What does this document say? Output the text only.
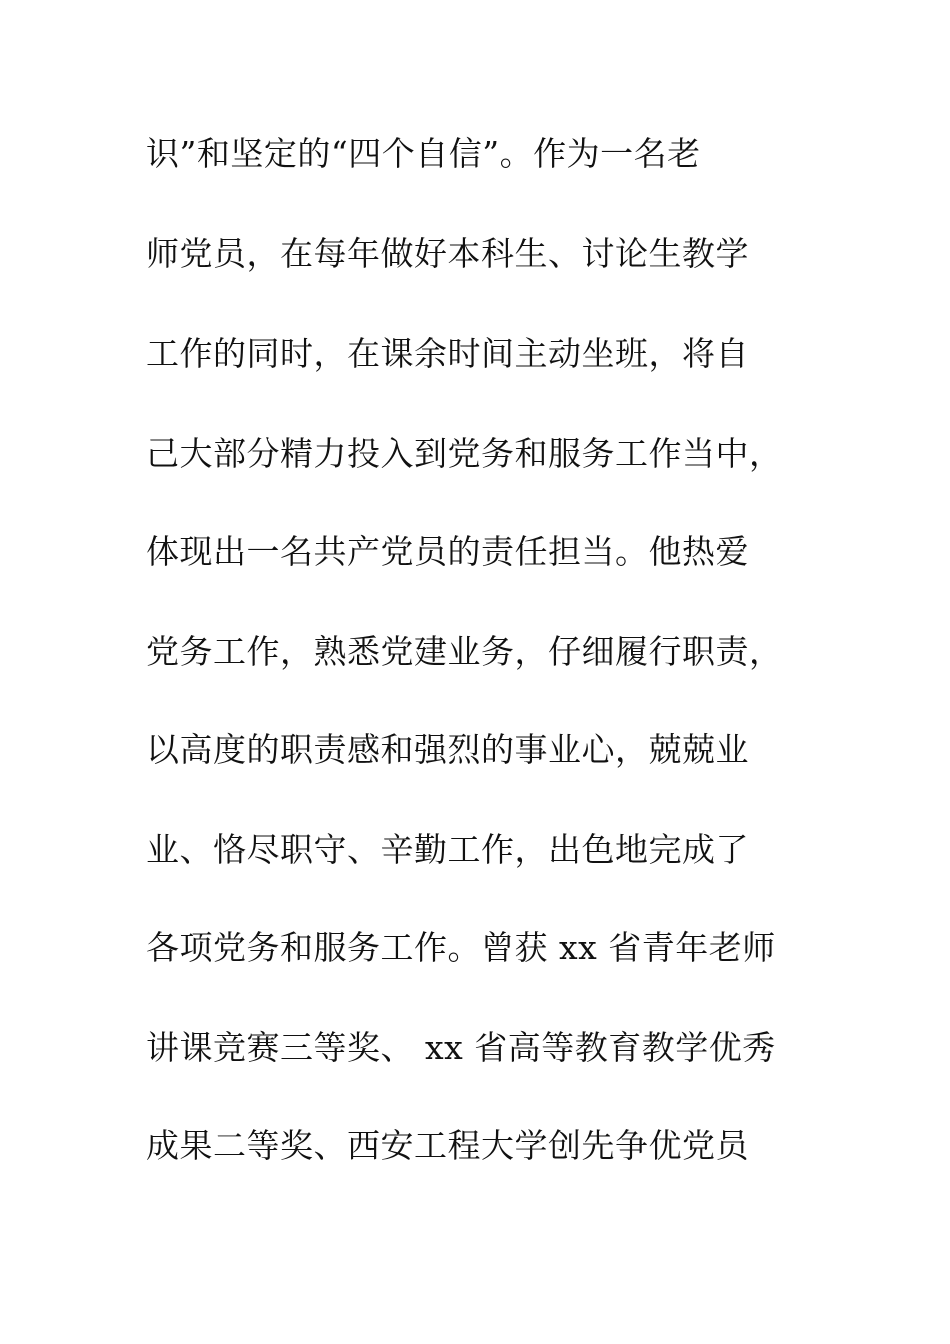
识”和坚定的“四个自信”。作为一名老
师党员，在每年做好本科生、讨论生教学
工作的同时，在课余时间主动坐班，将自
己大部分精力投入到党务和服务工作当中，
体现出一名共产党员的责任担当。他热爱
党务工作，熟悉党建业务，仔细履行职责，
以高度的职责感和强烈的事业心，兢兢业
业、恪尽职守、辛勤工作，出色地完成了
各项党务和服务工作。曾获 xx 省青年老师
讲课竞赛三等奖、 xx 省高等教育教学优秀
成果二等奖、西安工程大学创先争优党员
